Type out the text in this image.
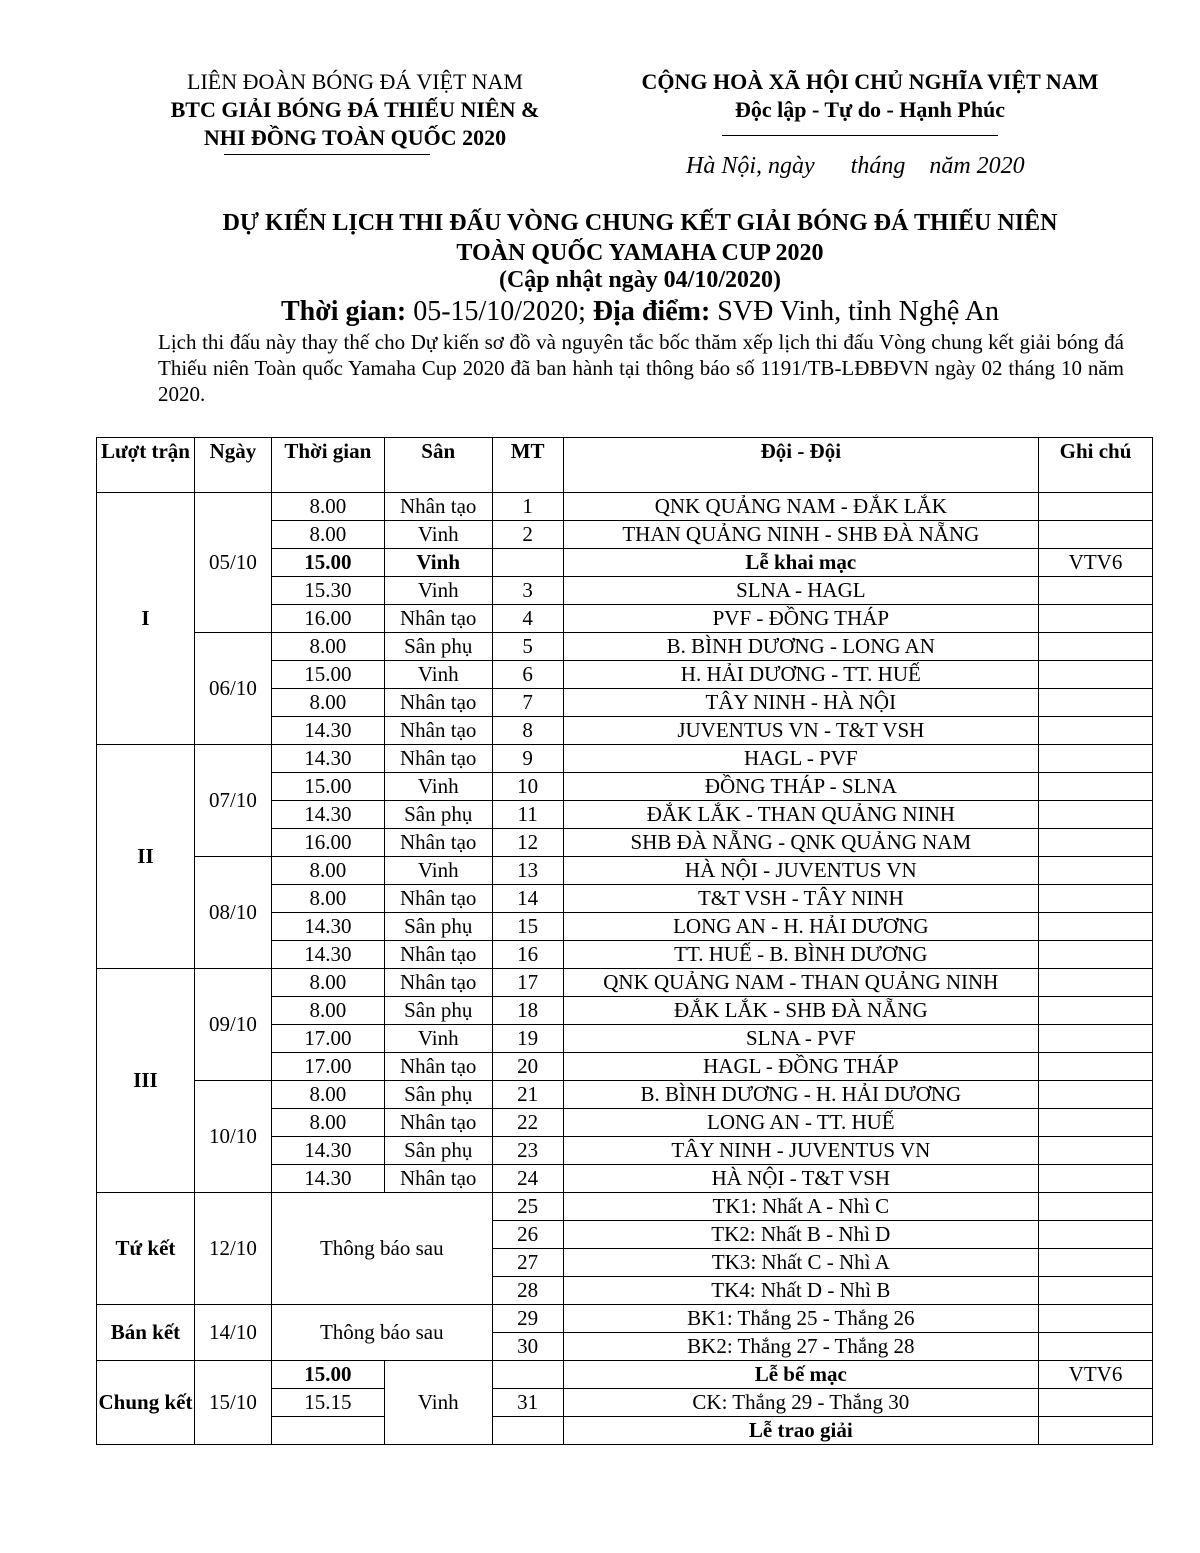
LIÊN ĐOÀN BÓNG ĐÁ VIỆT NAM
BTC GIẢI BÓNG ĐÁ THIẾU NIÊN &
NHI ĐỒNG TOÀN QUỐC 2020
CỘNG HOÀ XÃ HỘI CHỦ NGHĨA VIỆT NAM
Độc lập - Tự do - Hạnh Phúc
Hà Nội, ngày      tháng    năm 2020
DỰ KIẾN LỊCH THI ĐẤU VÒNG CHUNG KẾT GIẢI BÓNG ĐÁ THIẾU NIÊN
TOÀN QUỐC YAMAHA CUP 2020
(Cập nhật ngày 04/10/2020)
Thời gian: 05-15/10/2020; Địa điểm: SVĐ Vinh, tỉnh Nghệ An
Lịch thi đấu này thay thế cho Dự kiến sơ đồ và nguyên tắc bốc thăm xếp lịch thi đấu Vòng chung kết giải bóng đá Thiếu niên Toàn quốc Yamaha Cup 2020 đã ban hành tại thông báo số 1191/TB-LĐBĐVN ngày 02 tháng 10 năm 2020.
Lượt trận	Ngày	Thời gian	Sân	MT	Đội - Đội	Ghi chú
I	05/10	8.00	Nhân tạo	1	QNK QUẢNG NAM - ĐẮK LẮK	
		8.00	Vinh	2	THAN QUẢNG NINH - SHB ĐÀ NẴNG	
		15.00	Vinh		Lễ khai mạc	VTV6
		15.30	Vinh	3	SLNA - HAGL	
		16.00	Nhân tạo	4	PVF - ĐỒNG THÁP	
	06/10	8.00	Sân phụ	5	B. BÌNH DƯƠNG - LONG AN	
		15.00	Vinh	6	H. HẢI DƯƠNG - TT. HUẾ	
		8.00	Nhân tạo	7	TÂY NINH - HÀ NỘI	
		14.30	Nhân tạo	8	JUVENTUS VN - T&T VSH	
II	07/10	14.30	Nhân tạo	9	HAGL - PVF	
		15.00	Vinh	10	ĐỒNG THÁP - SLNA	
		14.30	Sân phụ	11	ĐẮK LẮK - THAN QUẢNG NINH	
		16.00	Nhân tạo	12	SHB ĐÀ NẴNG - QNK QUẢNG NAM	
	08/10	8.00	Vinh	13	HÀ NỘI - JUVENTUS VN	
		8.00	Nhân tạo	14	T&T VSH - TÂY NINH	
		14.30	Sân phụ	15	LONG AN - H. HẢI DƯƠNG	
		14.30	Nhân tạo	16	TT. HUẾ - B. BÌNH DƯƠNG	
III	09/10	8.00	Nhân tạo	17	QNK QUẢNG NAM - THAN QUẢNG NINH	
		8.00	Sân phụ	18	ĐẮK LẮK - SHB ĐÀ NẴNG	
		17.00	Vinh	19	SLNA - PVF	
		17.00	Nhân tạo	20	HAGL - ĐỒNG THÁP	
	10/10	8.00	Sân phụ	21	B. BÌNH DƯƠNG - H. HẢI DƯƠNG	
		8.00	Nhân tạo	22	LONG AN - TT. HUẾ	
		14.30	Sân phụ	23	TÂY NINH - JUVENTUS VN	
		14.30	Nhân tạo	24	HÀ NỘI - T&T VSH	
Tứ kết	12/10	Thông báo sau		25	TK1: Nhất A - Nhì C	
				26	TK2: Nhất B - Nhì D	
				27	TK3: Nhất C - Nhì A	
				28	TK4: Nhất D - Nhì B	
Bán kết	14/10	Thông báo sau		29	BK1: Thắng 25 - Thắng 26	
				30	BK2: Thắng 27 - Thắng 28	
Chung kết	15/10	15.00	Vinh		Lễ bế mạc	VTV6
		15.15		31	CK: Thắng 29 - Thắng 30	
					Lễ trao giải	
